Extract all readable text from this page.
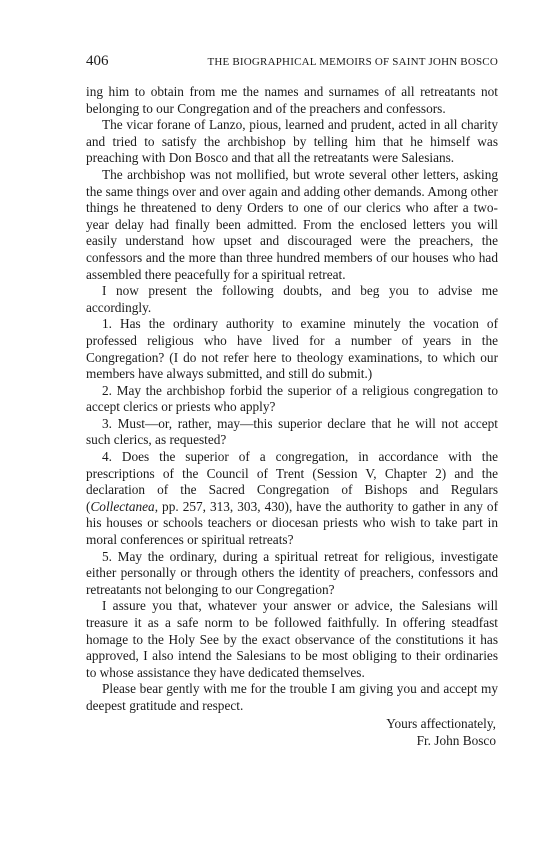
406	THE BIOGRAPHICAL MEMOIRS OF SAINT JOHN BOSCO

ing him to obtain from me the names and surnames of all retreatants not belonging to our Congregation and of the preachers and confessors.

The vicar forane of Lanzo, pious, learned and prudent, acted in all charity and tried to satisfy the archbishop by telling him that he himself was preaching with Don Bosco and that all the retreatants were Salesians.

The archbishop was not mollified, but wrote several other letters, asking the same things over and over again and adding other demands. Among other things he threatened to deny Orders to one of our clerics who after a two-year delay had finally been admitted. From the enclosed letters you will easily understand how upset and discouraged were the preachers, the confessors and the more than three hundred members of our houses who had assembled there peacefully for a spiritual retreat.

I now present the following doubts, and beg you to advise me accordingly.

1. Has the ordinary authority to examine minutely the vocation of professed religious who have lived for a number of years in the Congregation? (I do not refer here to theology examinations, to which our members have always submitted, and still do submit.)

2. May the archbishop forbid the superior of a religious congregation to accept clerics or priests who apply?

3. Must—or, rather, may—this superior declare that he will not accept such clerics, as requested?

4. Does the superior of a congregation, in accordance with the prescriptions of the Council of Trent (Session V, Chapter 2) and the declaration of the Sacred Congregation of Bishops and Regulars (Collectanea, pp. 257, 313, 303, 430), have the authority to gather in any of his houses or schools teachers or diocesan priests who wish to take part in moral conferences or spiritual retreats?

5. May the ordinary, during a spiritual retreat for religious, investigate either personally or through others the identity of preachers, confessors and retreatants not belonging to our Congregation?

I assure you that, whatever your answer or advice, the Salesians will treasure it as a safe norm to be followed faithfully. In offering steadfast homage to the Holy See by the exact observance of the constitutions it has approved, I also intend the Salesians to be most obliging to their ordinaries to whose assistance they have dedicated themselves.

Please bear gently with me for the trouble I am giving you and accept my deepest gratitude and respect.

Yours affectionately,
Fr. John Bosco
